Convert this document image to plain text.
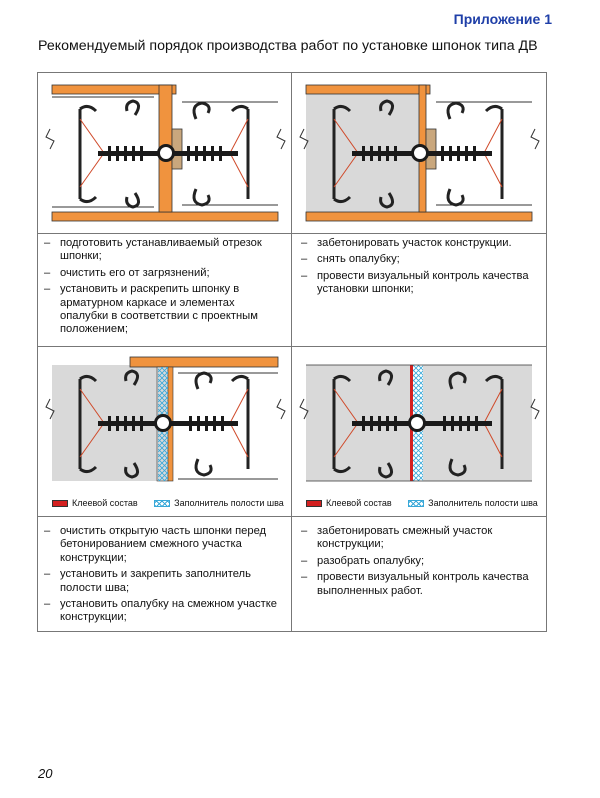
Приложение 1
Рекомендуемый порядок производства работ по установке шпонок типа ДВ
– подготовить устанавливаемый отрезок шпонки;
– очистить его от загрязнений;
– установить и раскрепить шпонку в арматурном каркасе и элементах опалубки в соответствии с проектным положением;
– забетонировать участок конструкции.
– снять опалубку;
– провести визуальный контроль качества установки шпонки;
Клеевой состав	Заполнитель полости шва	Клеевой состав	Заполнитель полости шва
– очистить открытую часть шпонки перед бетонированием смежного участка конструкции;
– установить и закрепить заполнитель полости шва;
– установить опалубку на смежном участке конструкции;
– забетонировать смежный участок конструкции;
– разобрать опалубку;
– провести визуальный контроль качества выполненных работ.
20
